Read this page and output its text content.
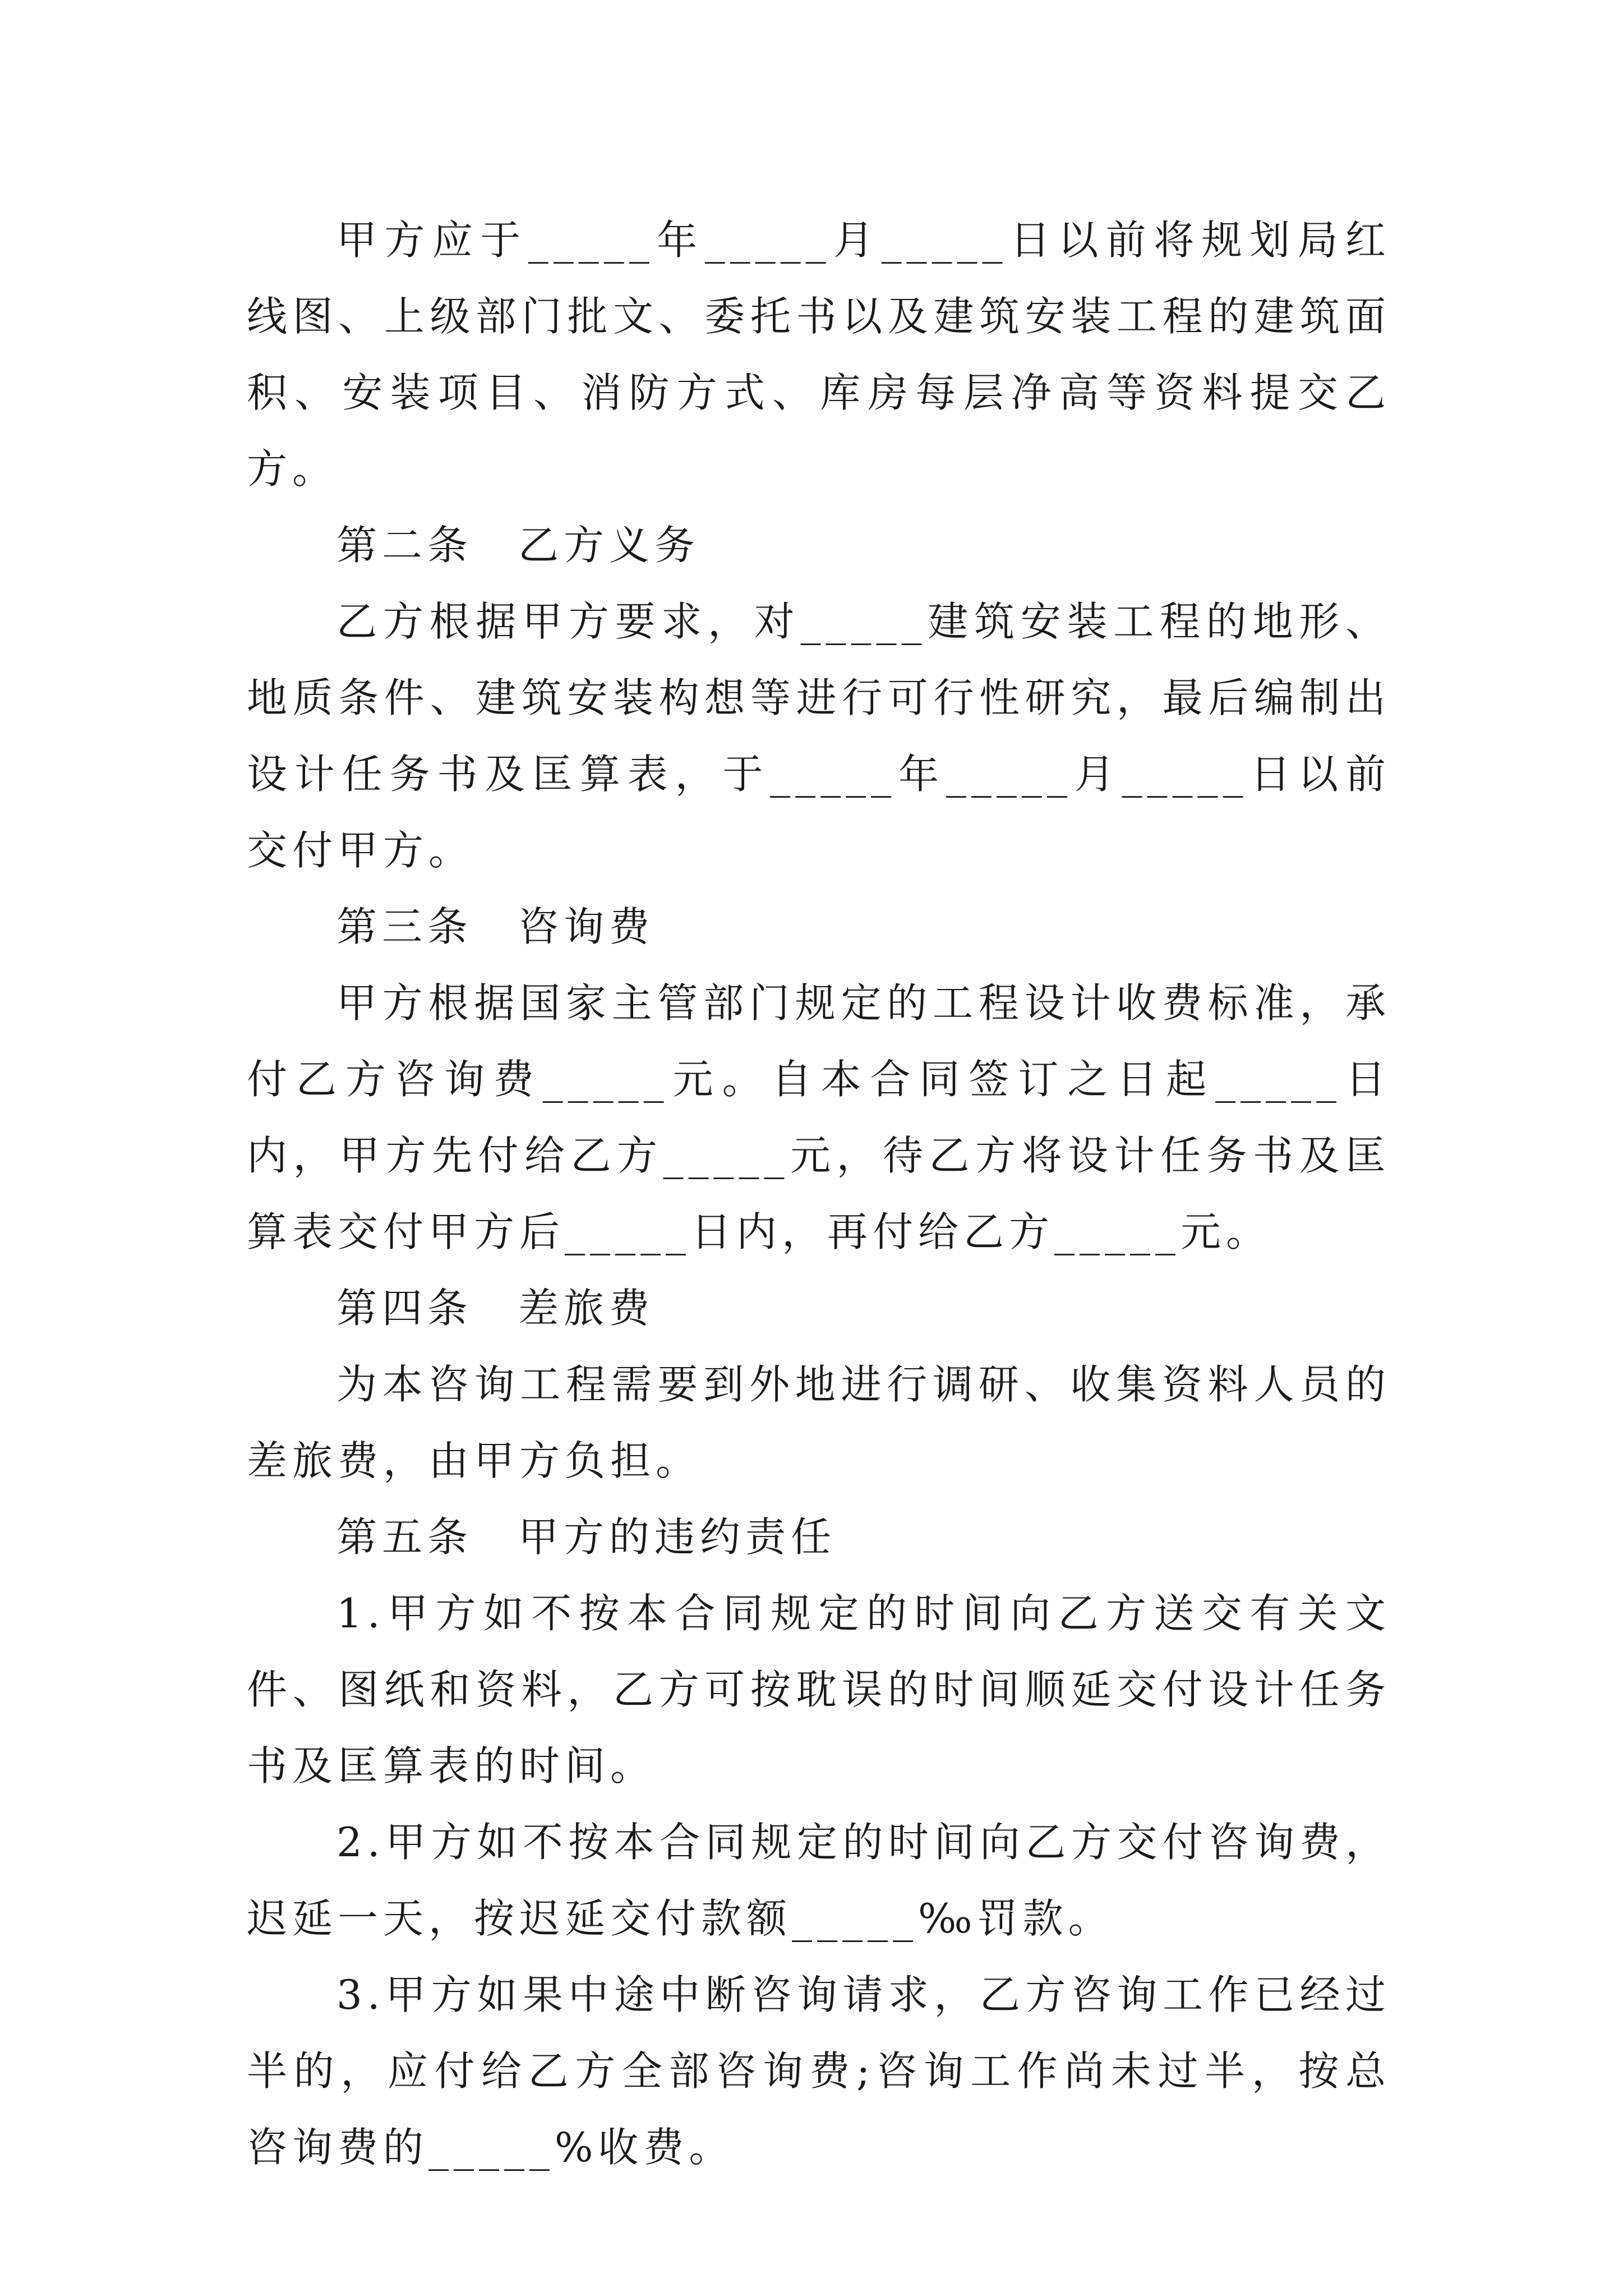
甲方应于_____年_____月_____日以前将规划局红线图、上级部门批文、委托书以及建筑安装工程的建筑面积、安装项目、消防方式、库房每层净高等资料提交乙方。

第二条　乙方义务

乙方根据甲方要求，对_____建筑安装工程的地形、地质条件、建筑安装构想等进行可行性研究，最后编制出设计任务书及匡算表，于_____年_____月_____日以前交付甲方。

第三条　咨询费

甲方根据国家主管部门规定的工程设计收费标准，承付乙方咨询费_____元。自本合同签订之日起_____日内，甲方先付给乙方_____元，待乙方将设计任务书及匡算表交付甲方后_____日内，再付给乙方_____元。

第四条　差旅费

为本咨询工程需要到外地进行调研、收集资料人员的差旅费，由甲方负担。

第五条　甲方的违约责任

1.甲方如不按本合同规定的时间向乙方送交有关文件、图纸和资料，乙方可按耽误的时间顺延交付设计任务书及匡算表的时间。

2.甲方如不按本合同规定的时间向乙方交付咨询费，迟延一天，按迟延交付款额_____‰罚款。

3.甲方如果中途中断咨询请求，乙方咨询工作已经过半的，应付给乙方全部咨询费;咨询工作尚未过半，按总咨询费的_____%收费。
